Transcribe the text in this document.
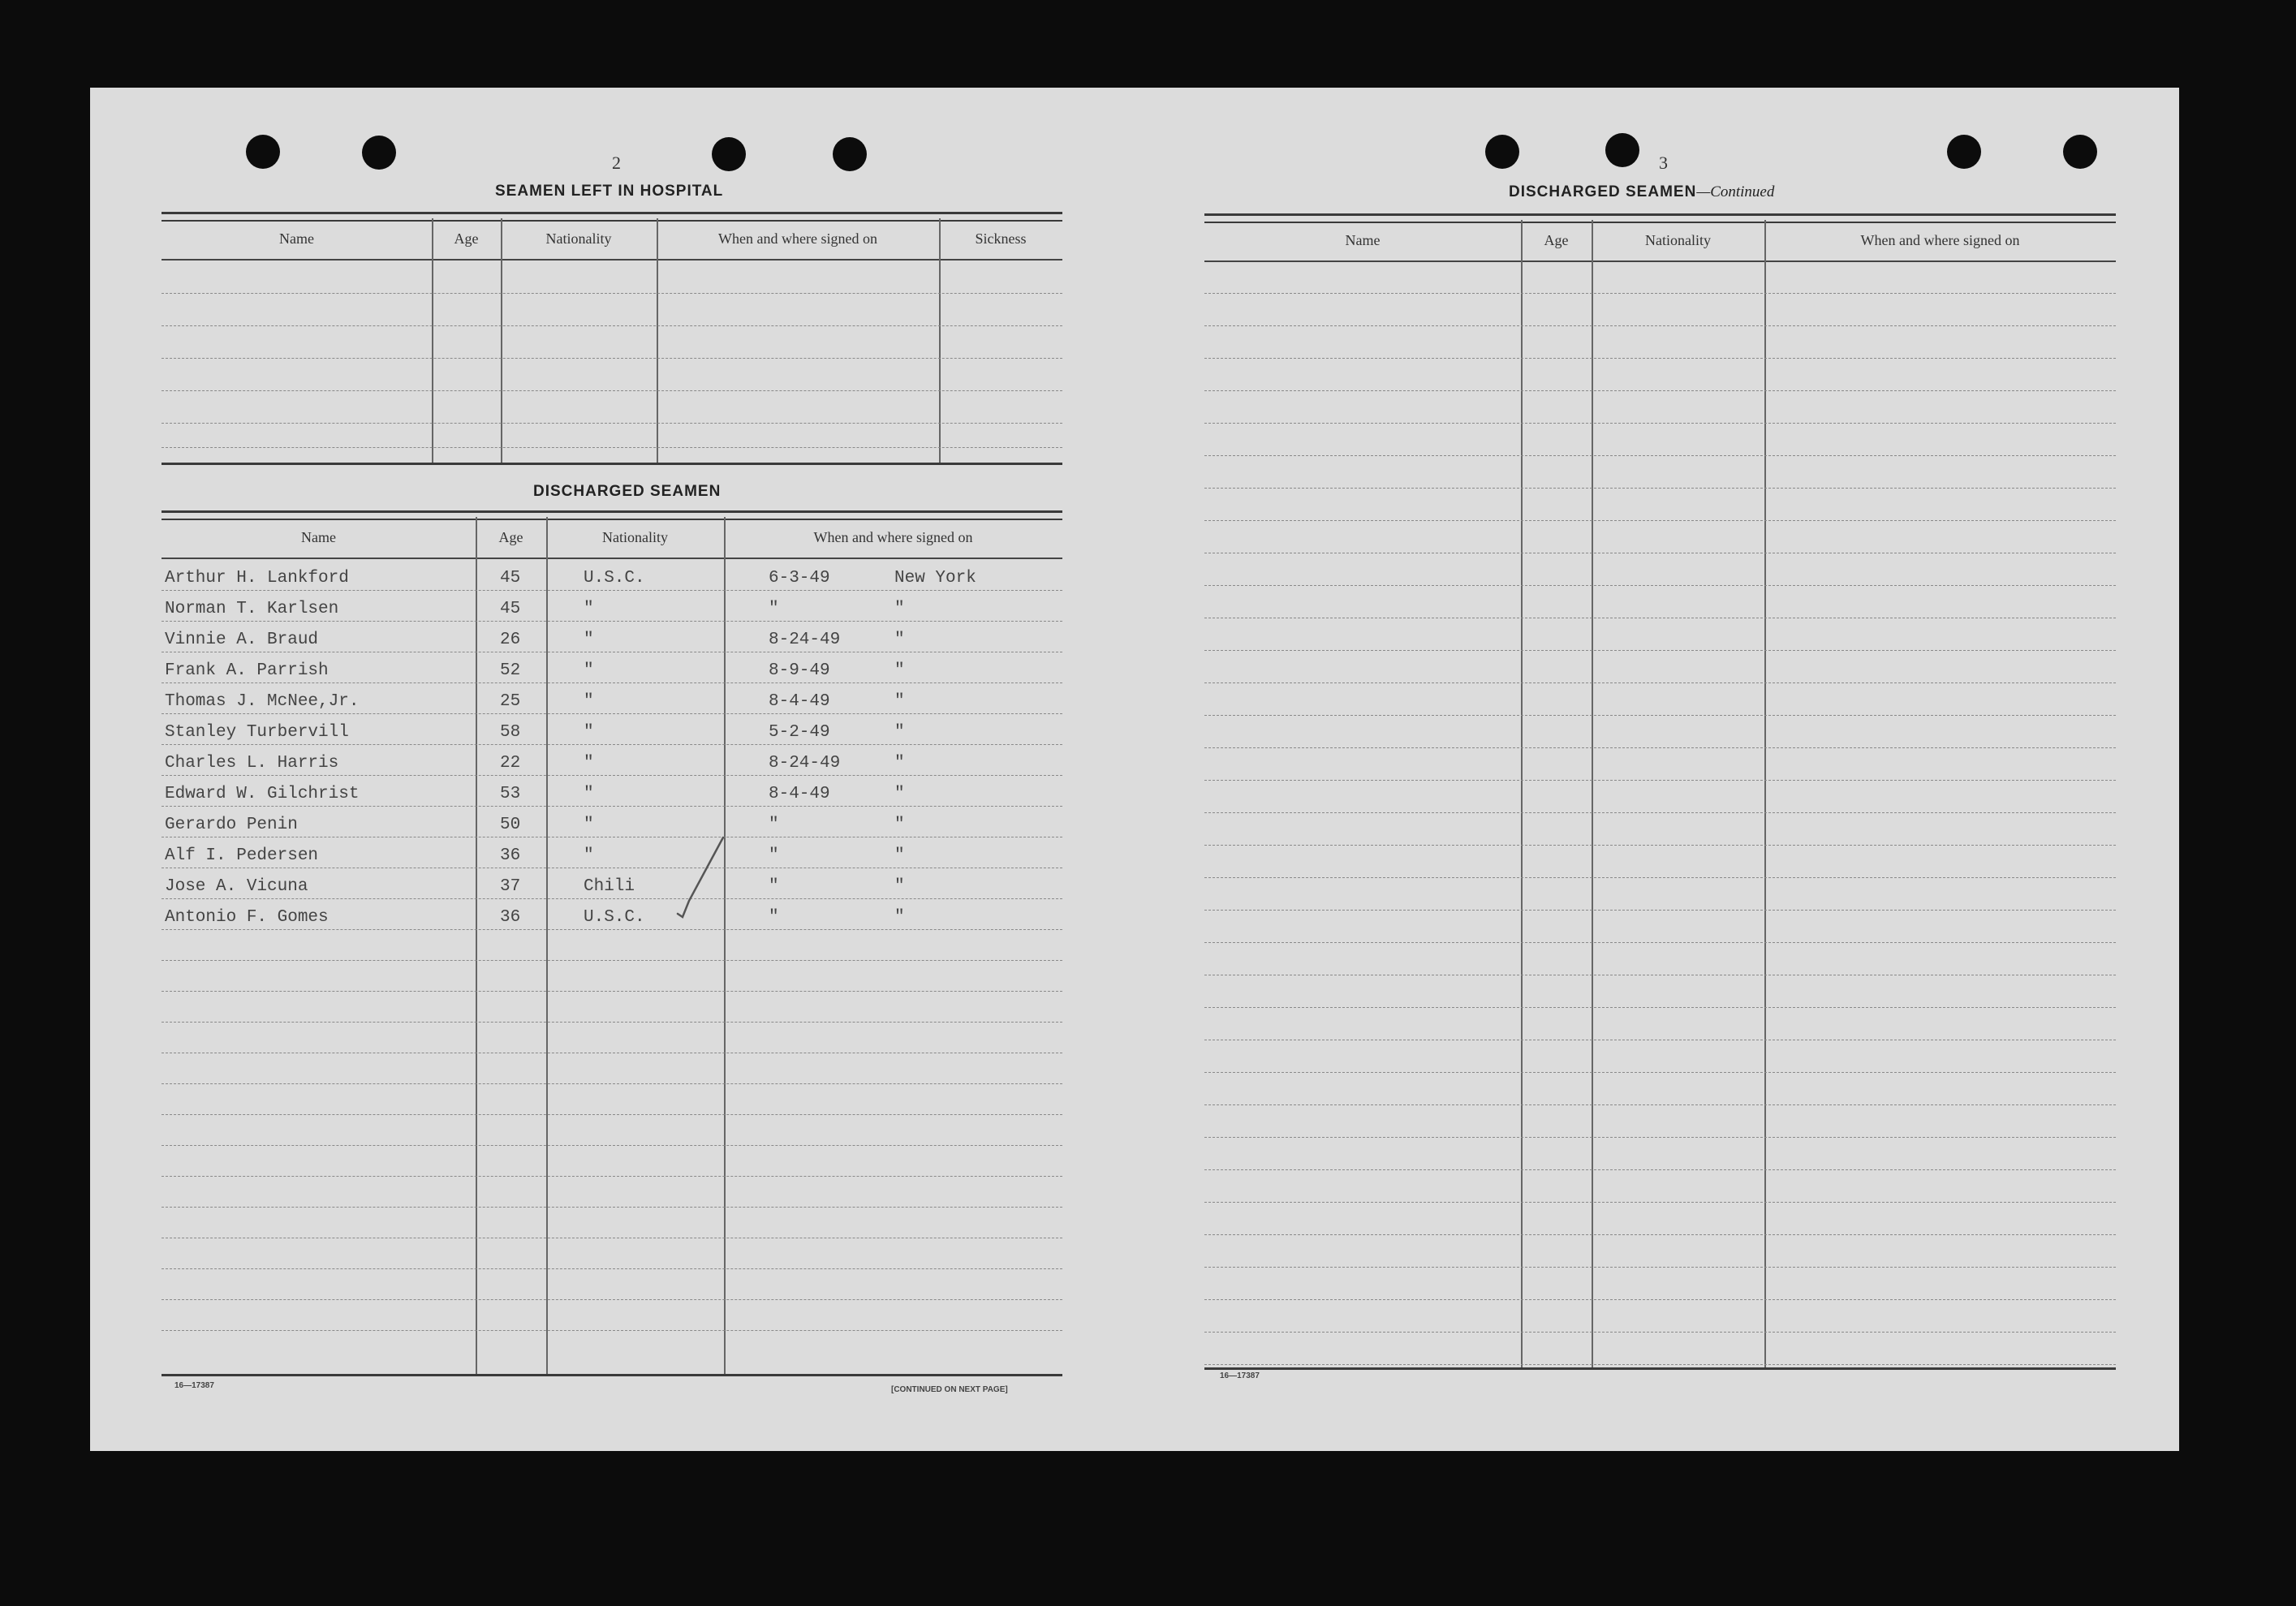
2
SEAMEN LEFT IN HOSPITAL
Name	Age	Nationality	When and where signed on	Sickness
DISCHARGED SEAMEN
Name	Age	Nationality	When and where signed on
Arthur H. Lankford	45	U.S.C.	6-3-49	New York
Norman T. Karlsen	45	"	"	"
Vinnie A. Braud	26	"	8-24-49	"
Frank A. Parrish	52	"	8-9-49	"
Thomas J. McNee,Jr.	25	"	8-4-49	"
Stanley Turbervill	58	"	5-2-49	"
Charles L. Harris	22	"	8-24-49	"
Edward W. Gilchrist	53	"	8-4-49	"
Gerardo Penin	50	"	"	"
Alf I. Pedersen	36	"	"	"
Jose A. Vicuna	37	Chili	"	"
Antonio F. Gomes	36	U.S.C.	"	"
16—17387	[CONTINUED ON NEXT PAGE]
3
DISCHARGED SEAMEN—Continued
Name	Age	Nationality	When and where signed on
16—17387
